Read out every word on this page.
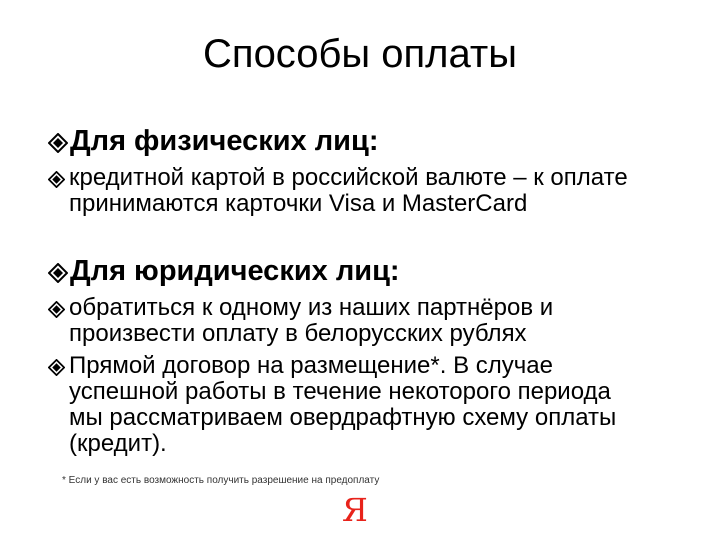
Способы оплаты
Для физических лиц:
кредитной картой в российской валюте – к оплате принимаются карточки Visa и MasterCard
Для юридических лиц:
обратиться к одному из наших партнёров и произвести оплату в белорусских рублях
Прямой договор на размещение*. В случае успешной работы в течение некоторого периода мы рассматриваем овердрафтную схему оплаты (кредит).
* Если у вас есть возможность получить разрешение на предоплату
Я
